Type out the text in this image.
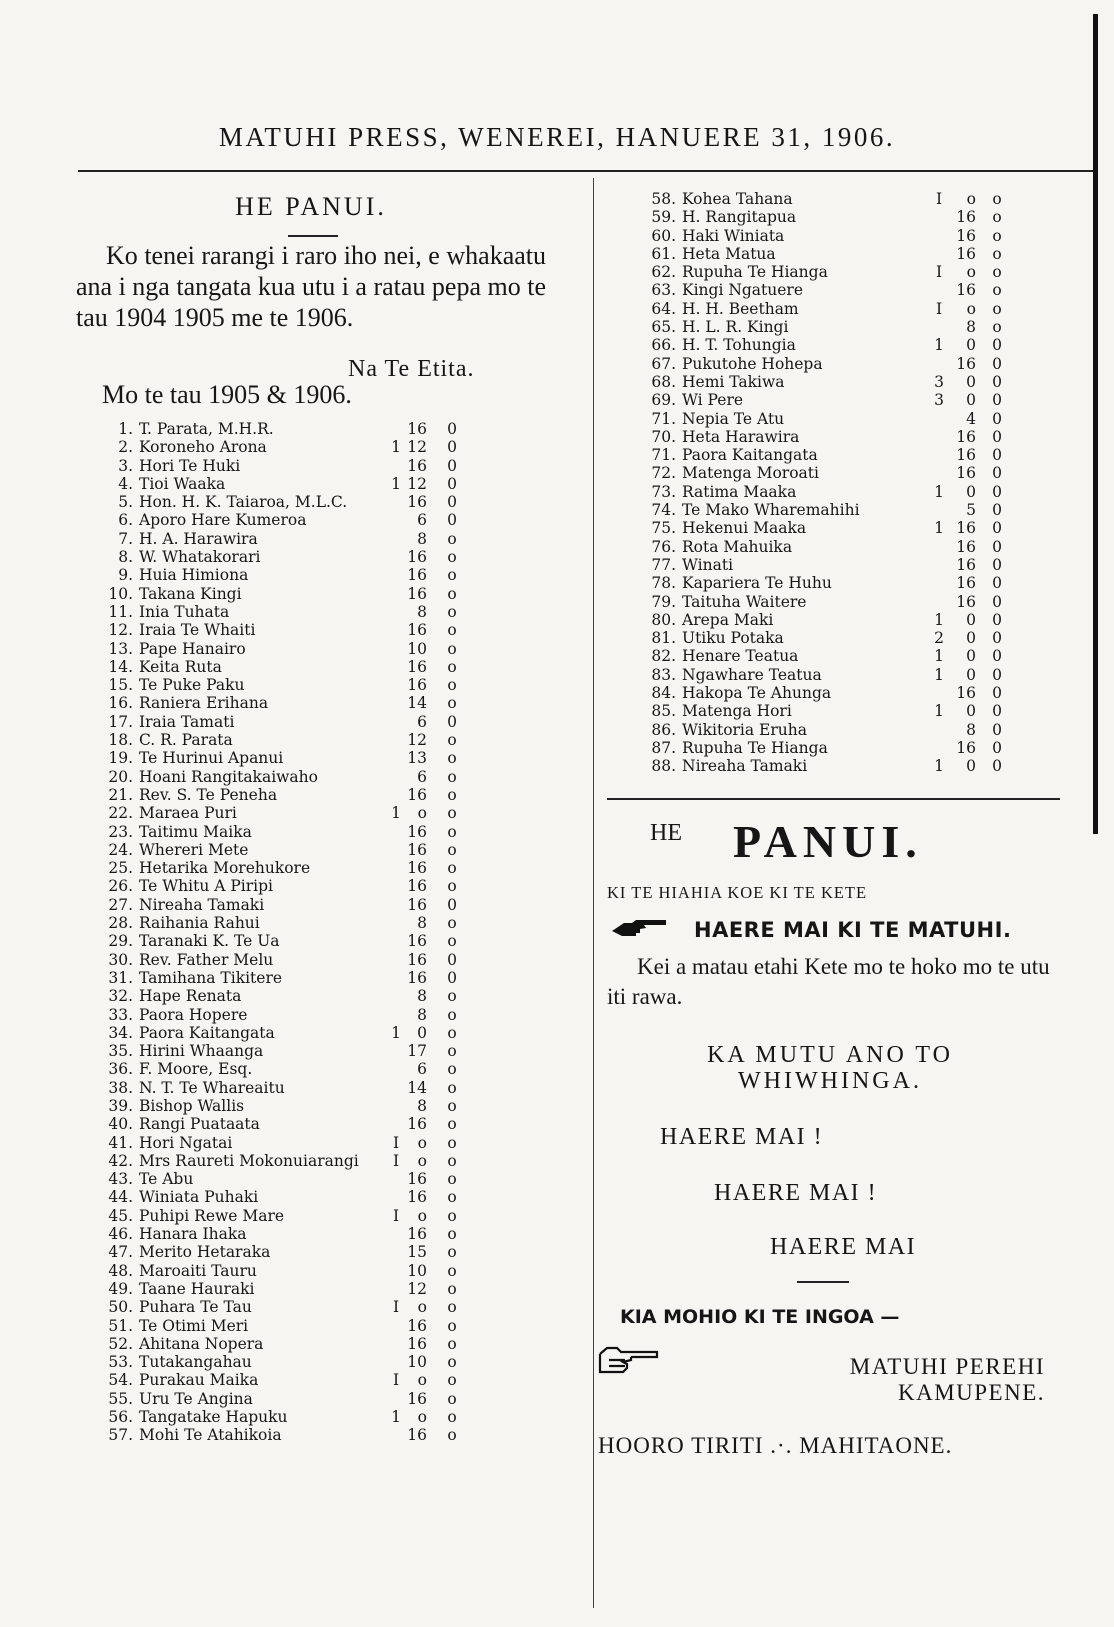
MATUHI PRESS, WENEREI, HANUERE 31, 1906.
HE PANUI.

Ko tenei rarangi i raro iho nei, e whakaatu ana i nga tangata kua utu i a ratau pepa mo te tau 1904 1905 me te 1906.

Na Te Etita.
Mo te tau 1905 & 1906.
1. T. Parata, M.H.R.	16 0
2. Koroneho Arona	1 12 0
3. Hori Te Huki	16 0
4. Tioi Waaka	1 12 0
5. Hon. H. K. Taiaroa, M.L.C.	16 0
6. Aporo Hare Kumeroa	6 0
7. H. A. Harawira	8 o
8. W. Whatakorari	16 o
9. Huia Himiona	16 o
10. Takana Kingi	16 o
11. Inia Tuhata	8 o
12. Iraia Te Whaiti	16 o
13. Pape Hanairo	10 o
14. Keita Ruta	16 o
15. Te Puke Paku	16 o
16. Raniera Erihana	14 o
17. Iraia Tamati	6 0
18. C. R. Parata	12 o
19. Te Hurinui Apanui	13 o
20. Hoani Rangitakaiwaho	6 o
21. Rev. S. Te Peneha	16 o
22. Maraea Puri	1	o o
23. Taitimu Maika	16 o
24. Whereri Mete	16 o
25. Hetarika Morehukore	16 o
26. Te Whitu A Piripi	16 o
27. Nireaha Tamaki	16 0
28. Raihania Rahui	8 o
29. Taranaki K. Te Ua	16 o
30. Rev. Father Melu	16 0
31. Tamihana Tikitere	16 0
32. Hape Renata	8 o
33. Paora Hopere	8 o
34. Paora Kaitangata	1	0 o
35. Hirini Whaanga	17 o
36. F. Moore, Esq.	6 o
38. N. T. Te Whareaitu	14 o
39. Bishop Wallis	8 o
40. Rangi Puataata	16 o
41. Hori Ngatai	I	o o
42. Mrs Raureti Mokonuiarangi I	o o
43. Te Abu	16 o
44. Winiata Puhaki	16 o
45. Puhipi Rewe Mare	I	o o
46. Hanara Ihaka	16 o
47. Merito Hetaraka	15 o
48. Maroaiti Tauru	10 o
49. Taane Hauraki	12 o
50. Puhara Te Tau	I	o o
51. Te Otimi Meri	16 o
52. Ahitana Nopera	16 o
53. Tutakangahau	10 o
54. Purakau Maika	I	o o
55. Uru Te Angina	16 o
56. Tangatake Hapuku	1	o o
57. Mohi Te Atahikoia	16 o
58. Kohea Tahana	I	o o
59. H. Rangitapua	16 o
60. Haki Winiata	16 o
61. Heta Matua	16 o
62. Rupuha Te Hianga	I	o o
63. Kingi Ngatuere	16 o
64. H. H. Beetham	I	o o
65. H. L. R. Kingi	8 o
66. H. T. Tohungia	1	0 0
67. Pukutohe Hohepa	16 0
68. Hemi Takiwa	3	0 0
69. Wi Pere	3	0 0
71. Nepia Te Atu	4 0
70. Heta Harawira	16 0
71. Paora Kaitangata	16 0
72. Matenga Moroati	16 0
73. Ratima Maaka	1	0 0
74. Te Mako Wharemahihi	5 0
75. Hekenui Maaka	1 16 0
76. Rota Mahuika	16 0
77. Winati	16 0
78. Kapariera Te Huhu	16 0
79. Taituha Waitere	16 0
80. Arepa Maki	1	0 0
81. Utiku Potaka	2	0 0
82. Henare Teatua	1	0 0
83. Ngawhare Teatua	1	0 0
84. Hakopa Te Ahunga	16 0
85. Matenga Hori	1	0 0
86. Wikitoria Eruha	8 0
87. Rupuha Te Hianga	16 0
88. Nireaha Tamaki	1	0 0
HE PANUI.
KI TE HIAHIA KOE KI TE KETE
HAERE MAI KI TE MATUHI.

Kei a matau etahi Kete mo te hoko mo te utu iti rawa.

KA MUTU ANO TO WHIWHINGA.
HAERE MAI !
HAERE MAI !
HAERE MAI
KIA MOHIO KI TE INGOA —
MATUHI PEREHI KAMUPENE.
HOORO TIRITI .·. MAHITAONE.
